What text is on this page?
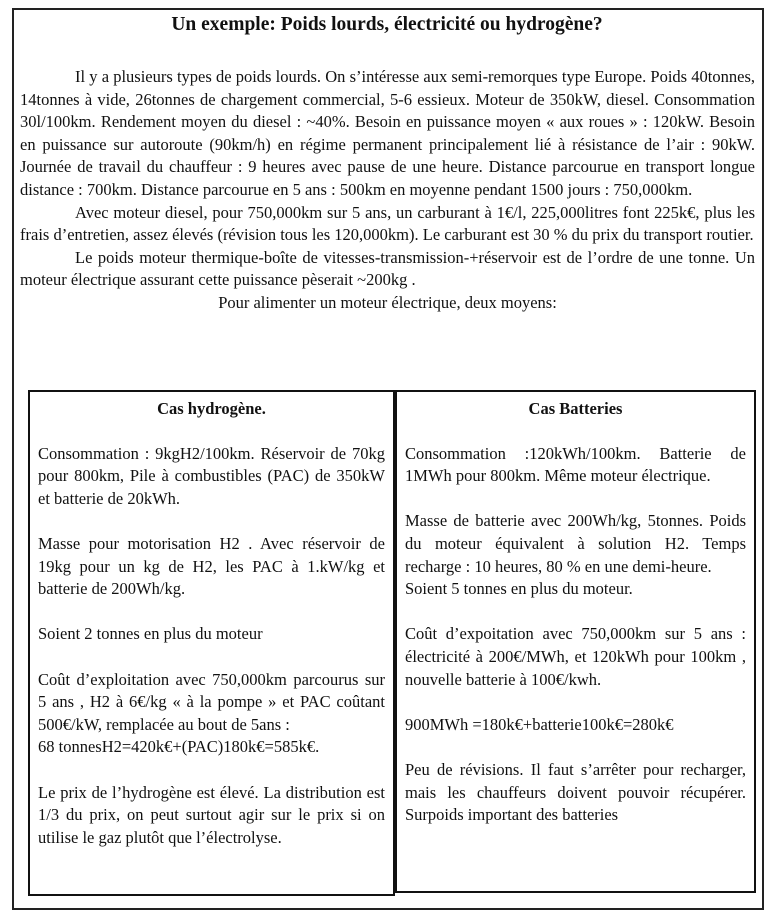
Un exemple: Poids lourds, électricité ou hydrogène?

Il y a plusieurs types de poids lourds. On s’intéresse aux semi-remorques type Europe. Poids 40tonnes, 14tonnes à vide, 26tonnes de chargement commercial, 5-6 essieux. Moteur de 350kW, diesel. Consommation 30l/100km. Rendement moyen du diesel : ~40%. Besoin en puissance moyen « aux roues » : 120kW. Besoin en puissance sur autoroute (90km/h) en régime permanent principalement lié à résistance de l’air : 90kW. Journée de travail du chauffeur : 9 heures avec pause de une heure. Distance parcourue en transport longue distance : 700km. Distance parcourue en 5 ans : 500km en moyenne pendant 1500 jours : 750,000km.

Avec moteur diesel, pour 750,000km sur 5 ans, un carburant à 1€/l, 225,000litres font 225k€, plus les frais d’entretien, assez élevés (révision tous les 120,000km). Le carburant est 30 % du prix du transport routier.

Le poids moteur thermique-boîte de vitesses-transmission-+réservoir est de l’ordre de une tonne. Un moteur électrique assurant cette puissance pèserait ~200kg .

Pour alimenter un moteur électrique, deux moyens:

Cas hydrogène.

Consommation : 9kgH2/100km. Réservoir de 70kg pour 800km, Pile à combustibles (PAC) de 350kW et batterie de 20kWh.

Masse pour motorisation H2 . Avec réservoir de 19kg pour un kg de H2, les PAC à 1.kW/kg et batterie de 200Wh/kg.

Soient 2 tonnes en plus du moteur

Coût d’exploitation avec 750,000km parcourus sur 5 ans , H2 à 6€/kg « à la pompe » et PAC coûtant 500€/kW, remplacée au bout de 5ans :

68 tonnesH2=420k€+(PAC)180k€=585k€.

Le prix de l’hydrogène est élevé. La distribution est 1/3 du prix, on peut surtout agir sur le prix si on utilise le gaz plutôt que l’électrolyse.

Cas Batteries

Consommation :120kWh/100km. Batterie de 1MWh pour 800km. Même moteur électrique.

Masse de batterie avec 200Wh/kg, 5tonnes. Poids du moteur équivalent à solution H2. Temps recharge : 10 heures, 80 % en une demi-heure.

Soient 5 tonnes en plus du moteur.

Coût d’expoitation avec 750,000km sur 5 ans : électricité à 200€/MWh, et 120kWh pour 100km , nouvelle batterie à 100€/kwh.

900MWh =180k€+batterie100k€=280k€

Peu de révisions. Il faut s’arrêter pour recharger, mais les chauffeurs doivent pouvoir récupérer. Surpoids important des batteries
